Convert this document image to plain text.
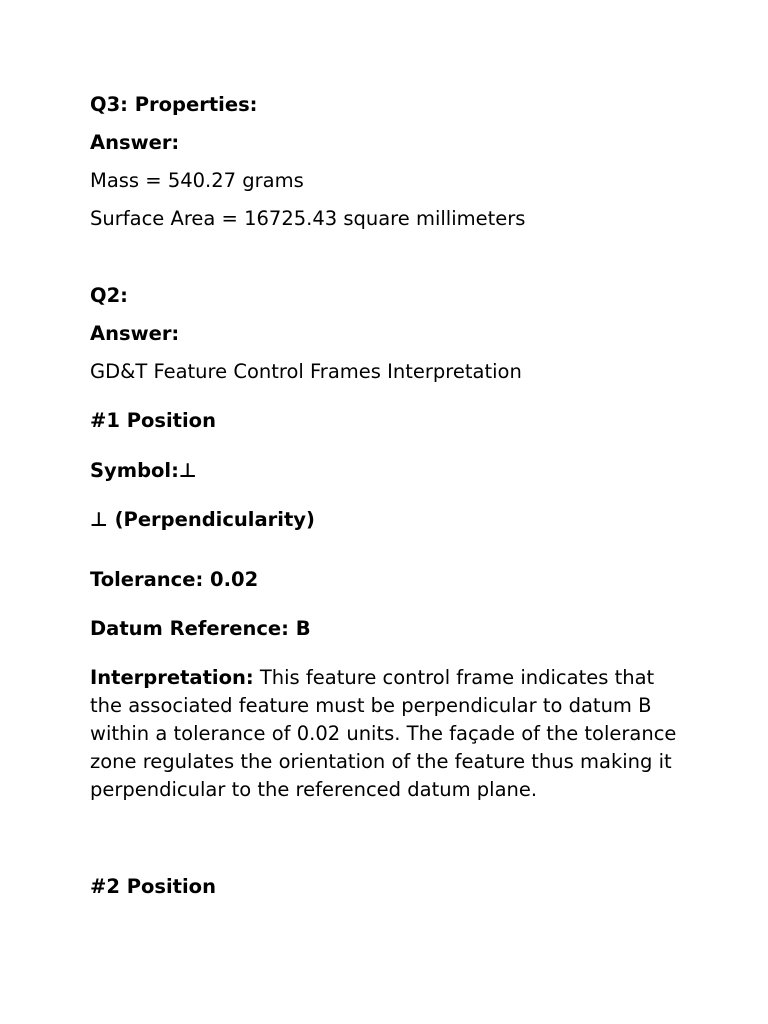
Q3: Properties:

Answer:

Mass = 540.27 grams

Surface Area = 16725.43 square millimeters

Q2:

Answer:

GD&T Feature Control Frames Interpretation

#1 Position

Symbol:⊥

⊥ (Perpendicularity)

Tolerance: 0.02

Datum Reference: B

Interpretation: This feature control frame indicates that the associated feature must be perpendicular to datum B within a tolerance of 0.02 units. The façade of the tolerance zone regulates the orientation of the feature thus making it perpendicular to the referenced datum plane.

#2 Position
